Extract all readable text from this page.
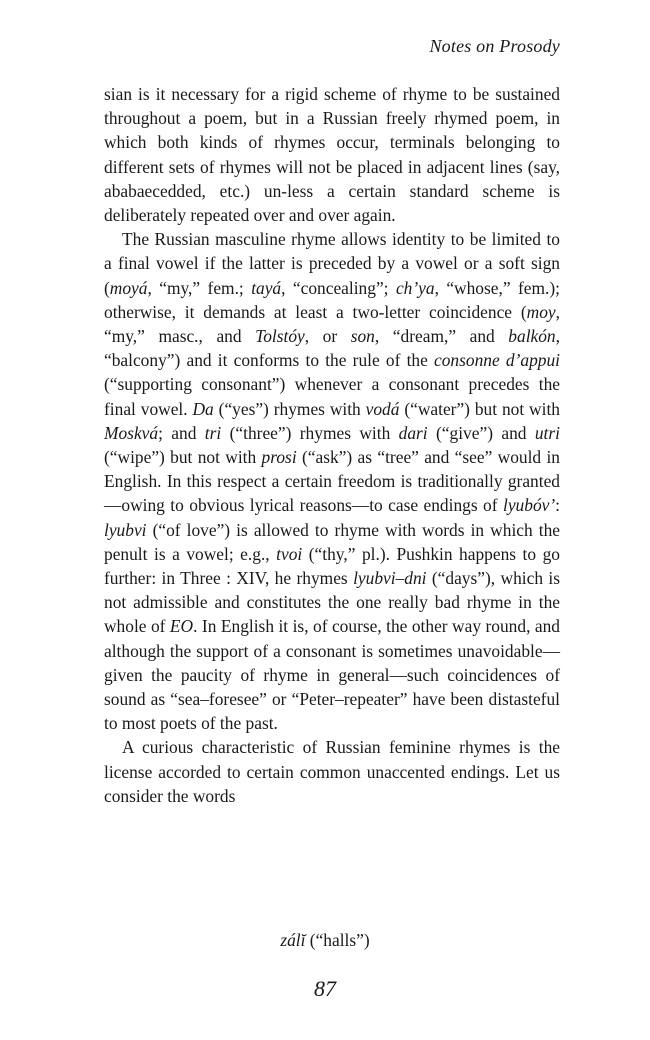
Notes on Prosody

sian is it necessary for a rigid scheme of rhyme to be sustained throughout a poem, but in a Russian freely rhymed poem, in which both kinds of rhymes occur, terminals belonging to different sets of rhymes will not be placed in adjacent lines (say, ababaecedded, etc.) un-less a certain standard scheme is deliberately repeated over and over again.

The Russian masculine rhyme allows identity to be limited to a final vowel if the latter is preceded by a vowel or a soft sign (moyá, “my,” fem.; tayá, “concealing”; ch’ya, “whose,” fem.); otherwise, it demands at least a two-letter coincidence (moy, “my,” masc., and Tolstóy, or son, “dream,” and balkón, “balcony”) and it conforms to the rule of the consonne d’appui (“supporting consonant”) whenever a consonant precedes the final vowel. Da (“yes”) rhymes with vodá (“water”) but not with Moskvá; and tri (“three”) rhymes with dari (“give”) and utri (“wipe”) but not with prosi (“ask”) as “tree” and “see” would in English. In this respect a certain freedom is traditionally granted—owing to obvious lyrical reasons—to case endings of lyubóv’: lyubvi (“of love”) is allowed to rhyme with words in which the penult is a vowel; e.g., tvoi (“thy,” pl.). Pushkin happens to go further: in Three : XIV, he rhymes lyubvi–dni (“days”), which is not admissible and constitutes the one really bad rhyme in the whole of EO. In English it is, of course, the other way round, and although the support of a consonant is sometimes unavoidable—given the paucity of rhyme in general—such coincidences of sound as “sea–foresee” or “Peter–repeater” have been distasteful to most poets of the past.

A curious characteristic of Russian feminine rhymes is the license accorded to certain common unaccented endings. Let us consider the words

zálĭ (“halls”)
87
